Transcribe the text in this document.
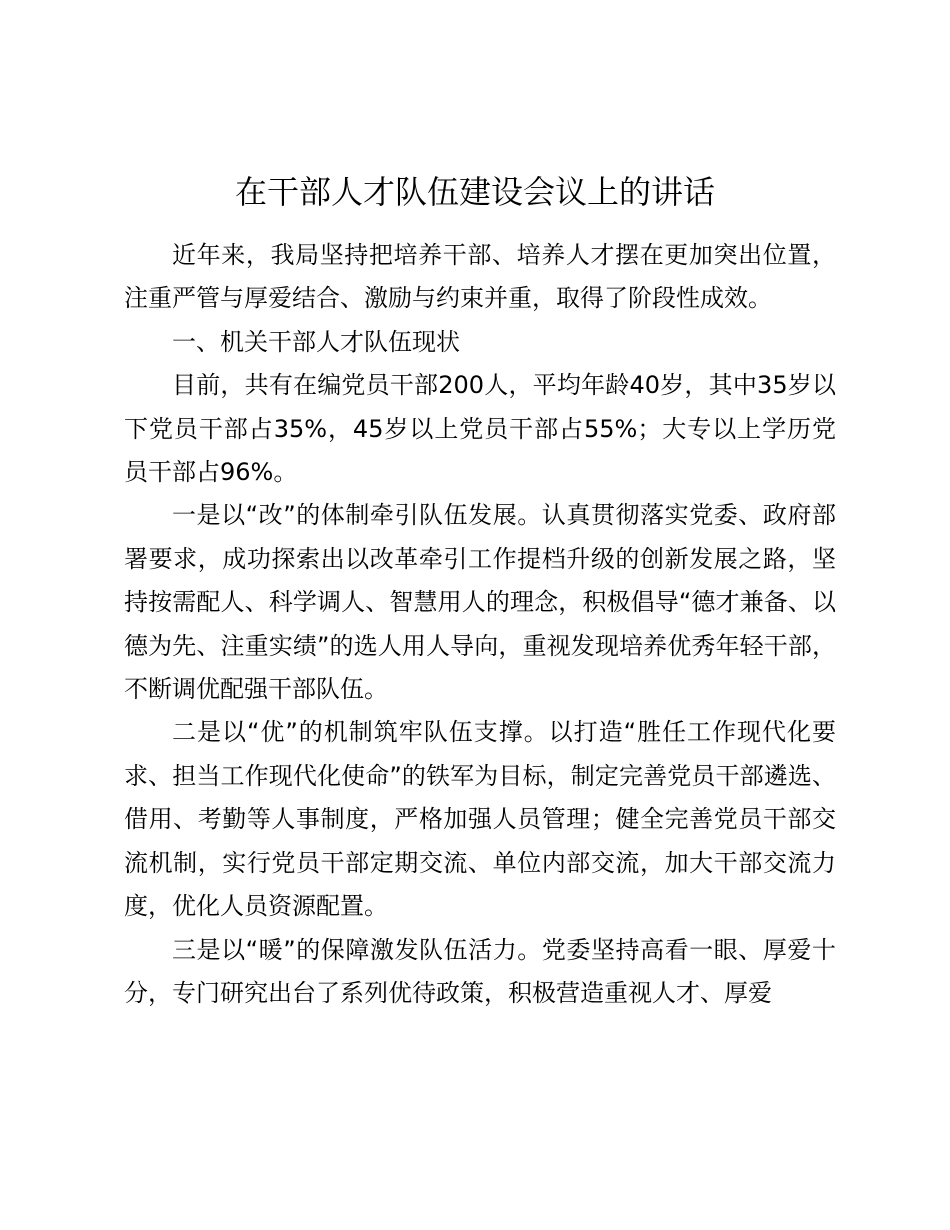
在干部人才队伍建设会议上的讲话

近年来，我局坚持把培养干部、培养人才摆在更加突出位置，注重严管与厚爱结合、激励与约束并重，取得了阶段性成效。

一、机关干部人才队伍现状

目前，共有在编党员干部200人，平均年龄40岁，其中35岁以下党员干部占35%，45岁以上党员干部占55%；大专以上学历党员干部占96%。

一是以“改”的体制牵引队伍发展。认真贯彻落实党委、政府部署要求，成功探索出以改革牵引工作提档升级的创新发展之路，坚持按需配人、科学调人、智慧用人的理念，积极倡导“德才兼备、以德为先、注重实绩”的选人用人导向，重视发现培养优秀年轻干部，不断调优配强干部队伍。

二是以“优”的机制筑牢队伍支撑。以打造“胜任工作现代化要求、担当工作现代化使命”的铁军为目标，制定完善党员干部遴选、借用、考勤等人事制度，严格加强人员管理；健全完善党员干部交流机制，实行党员干部定期交流、单位内部交流，加大干部交流力度，优化人员资源配置。

三是以“暖”的保障激发队伍活力。党委坚持高看一眼、厚爱十分，专门研究出台了系列优待政策，积极营造重视人才、厚爱
